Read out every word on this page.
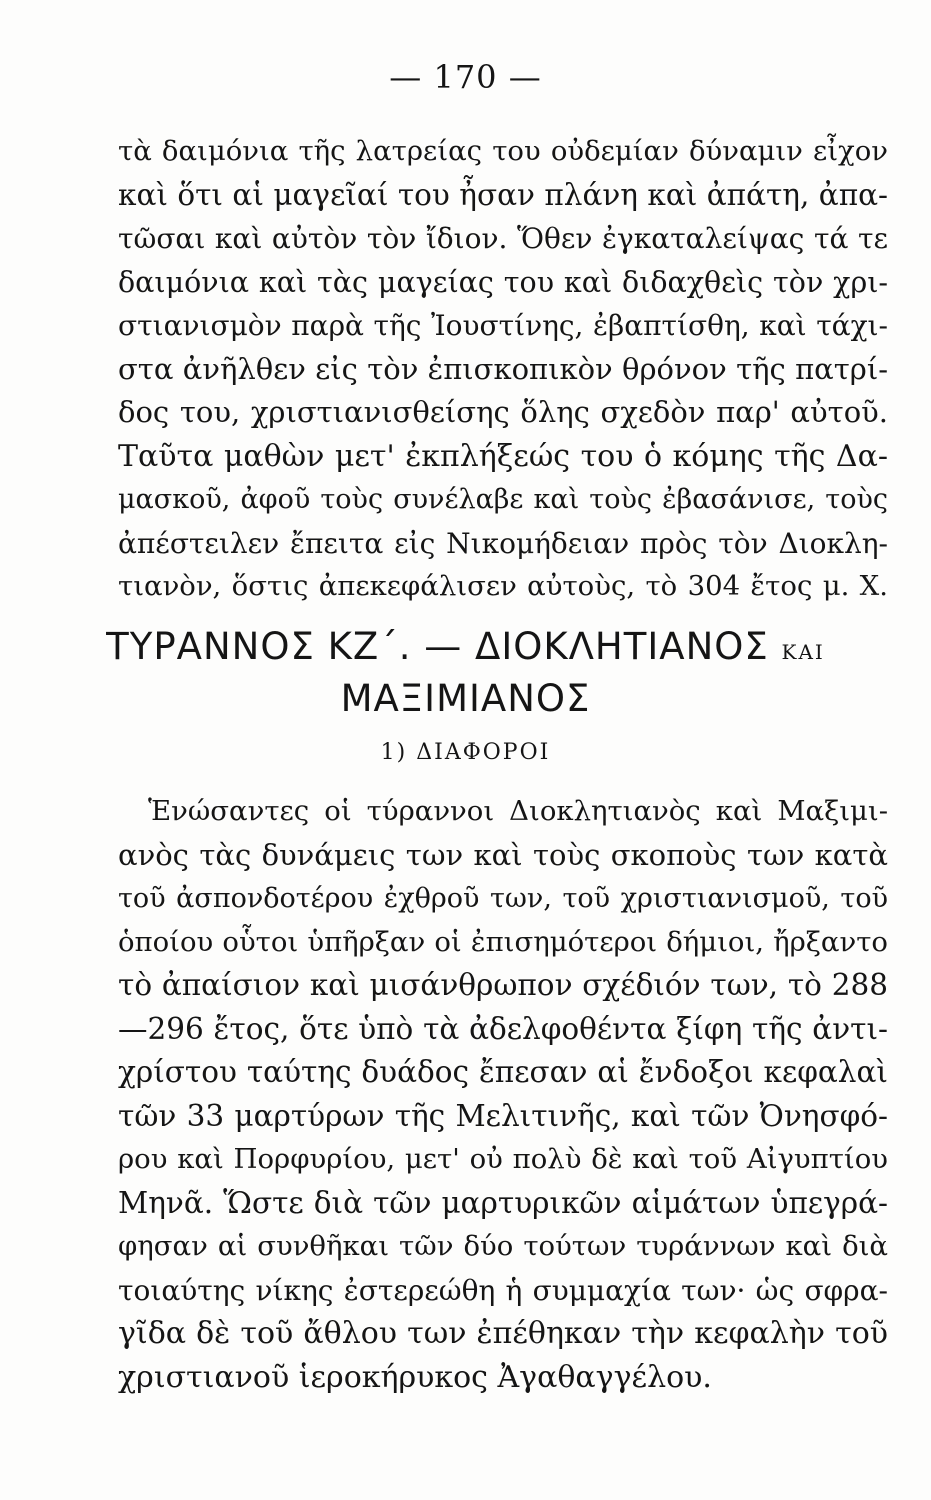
— 170 —
τὰ δαιμόνια τῆς λατρείας του οὐδεμίαν δύναμιν εἶχον
καὶ ὅτι αἱ μαγεῖαί του ἦσαν πλάνη καὶ ἀπάτη, ἀπα-
τῶσαι καὶ αὐτὸν τὸν ἴδιον. Ὅθεν ἐγκαταλείψας τά τε
δαιμόνια καὶ τὰς μαγείας του καὶ διδαχθεὶς τὸν χρι-
στιανισμὸν παρὰ τῆς Ἰουστίνης, ἐβαπτίσθη, καὶ τάχι-
στα ἀνῆλθεν εἰς τὸν ἐπισκοπικὸν θρόνον τῆς πατρί-
δος του, χριστιανισθείσης ὅλης σχεδὸν παρ' αὐτοῦ.
Ταῦτα μαθὼν μετ' ἐκπλήξεώς του ὁ κόμης τῆς Δα-
μασκοῦ, ἀφοῦ τοὺς συνέλαβε καὶ τοὺς ἐβασάνισε, τοὺς
ἀπέστειλεν ἔπειτα εἰς Νικομήδειαν πρὸς τὸν Διοκλη-
τιανὸν, ὅστις ἀπεκεφάλισεν αὐτοὺς, τὸ 304 ἔτος μ. Χ.
ΤΥΡΑΝΝΟΣ ΚΖ΄. — ΔΙΟΚΛΗΤΙΑΝΟΣ ΚΑΙ
ΜΑΞΙΜΙΑΝΟΣ
1) ΔΙΑΦΟΡΟΙ
Ἑνώσαντες οἱ τύραννοι Διοκλητιανὸς καὶ Μαξιμι-
ανὸς τὰς δυνάμεις των καὶ τοὺς σκοποὺς των κατὰ
τοῦ ἀσπονδοτέρου ἐχθροῦ των, τοῦ χριστιανισμοῦ, τοῦ
ὁποίου οὗτοι ὑπῆρξαν οἱ ἐπισημότεροι δήμιοι, ἤρξαντο
τὸ ἀπαίσιον καὶ μισάνθρωπον σχέδιόν των, τὸ 288
—296 ἔτος, ὅτε ὑπὸ τὰ ἀδελφοθέντα ξίφη τῆς ἀντι-
χρίστου ταύτης δυάδος ἔπεσαν αἱ ἔνδοξοι κεφαλαὶ
τῶν 33 μαρτύρων τῆς Μελιτινῆς, καὶ τῶν Ὀνησφό-
ρου καὶ Πορφυρίου, μετ' οὐ πολὺ δὲ καὶ τοῦ Αἰγυπτίου
Μηνᾶ. Ὥστε διὰ τῶν μαρτυρικῶν αἱμάτων ὑπεγρά-
φησαν αἱ συνθῆκαι τῶν δύο τούτων τυράννων καὶ διὰ
τοιαύτης νίκης ἐστερεώθη ἡ συμμαχία των· ὡς σφρα-
γῖδα δὲ τοῦ ἄθλου των ἐπέθηκαν τὴν κεφαλὴν τοῦ
χριστιανοῦ ἱεροκήρυκος Ἀγαθαγγέλου.
